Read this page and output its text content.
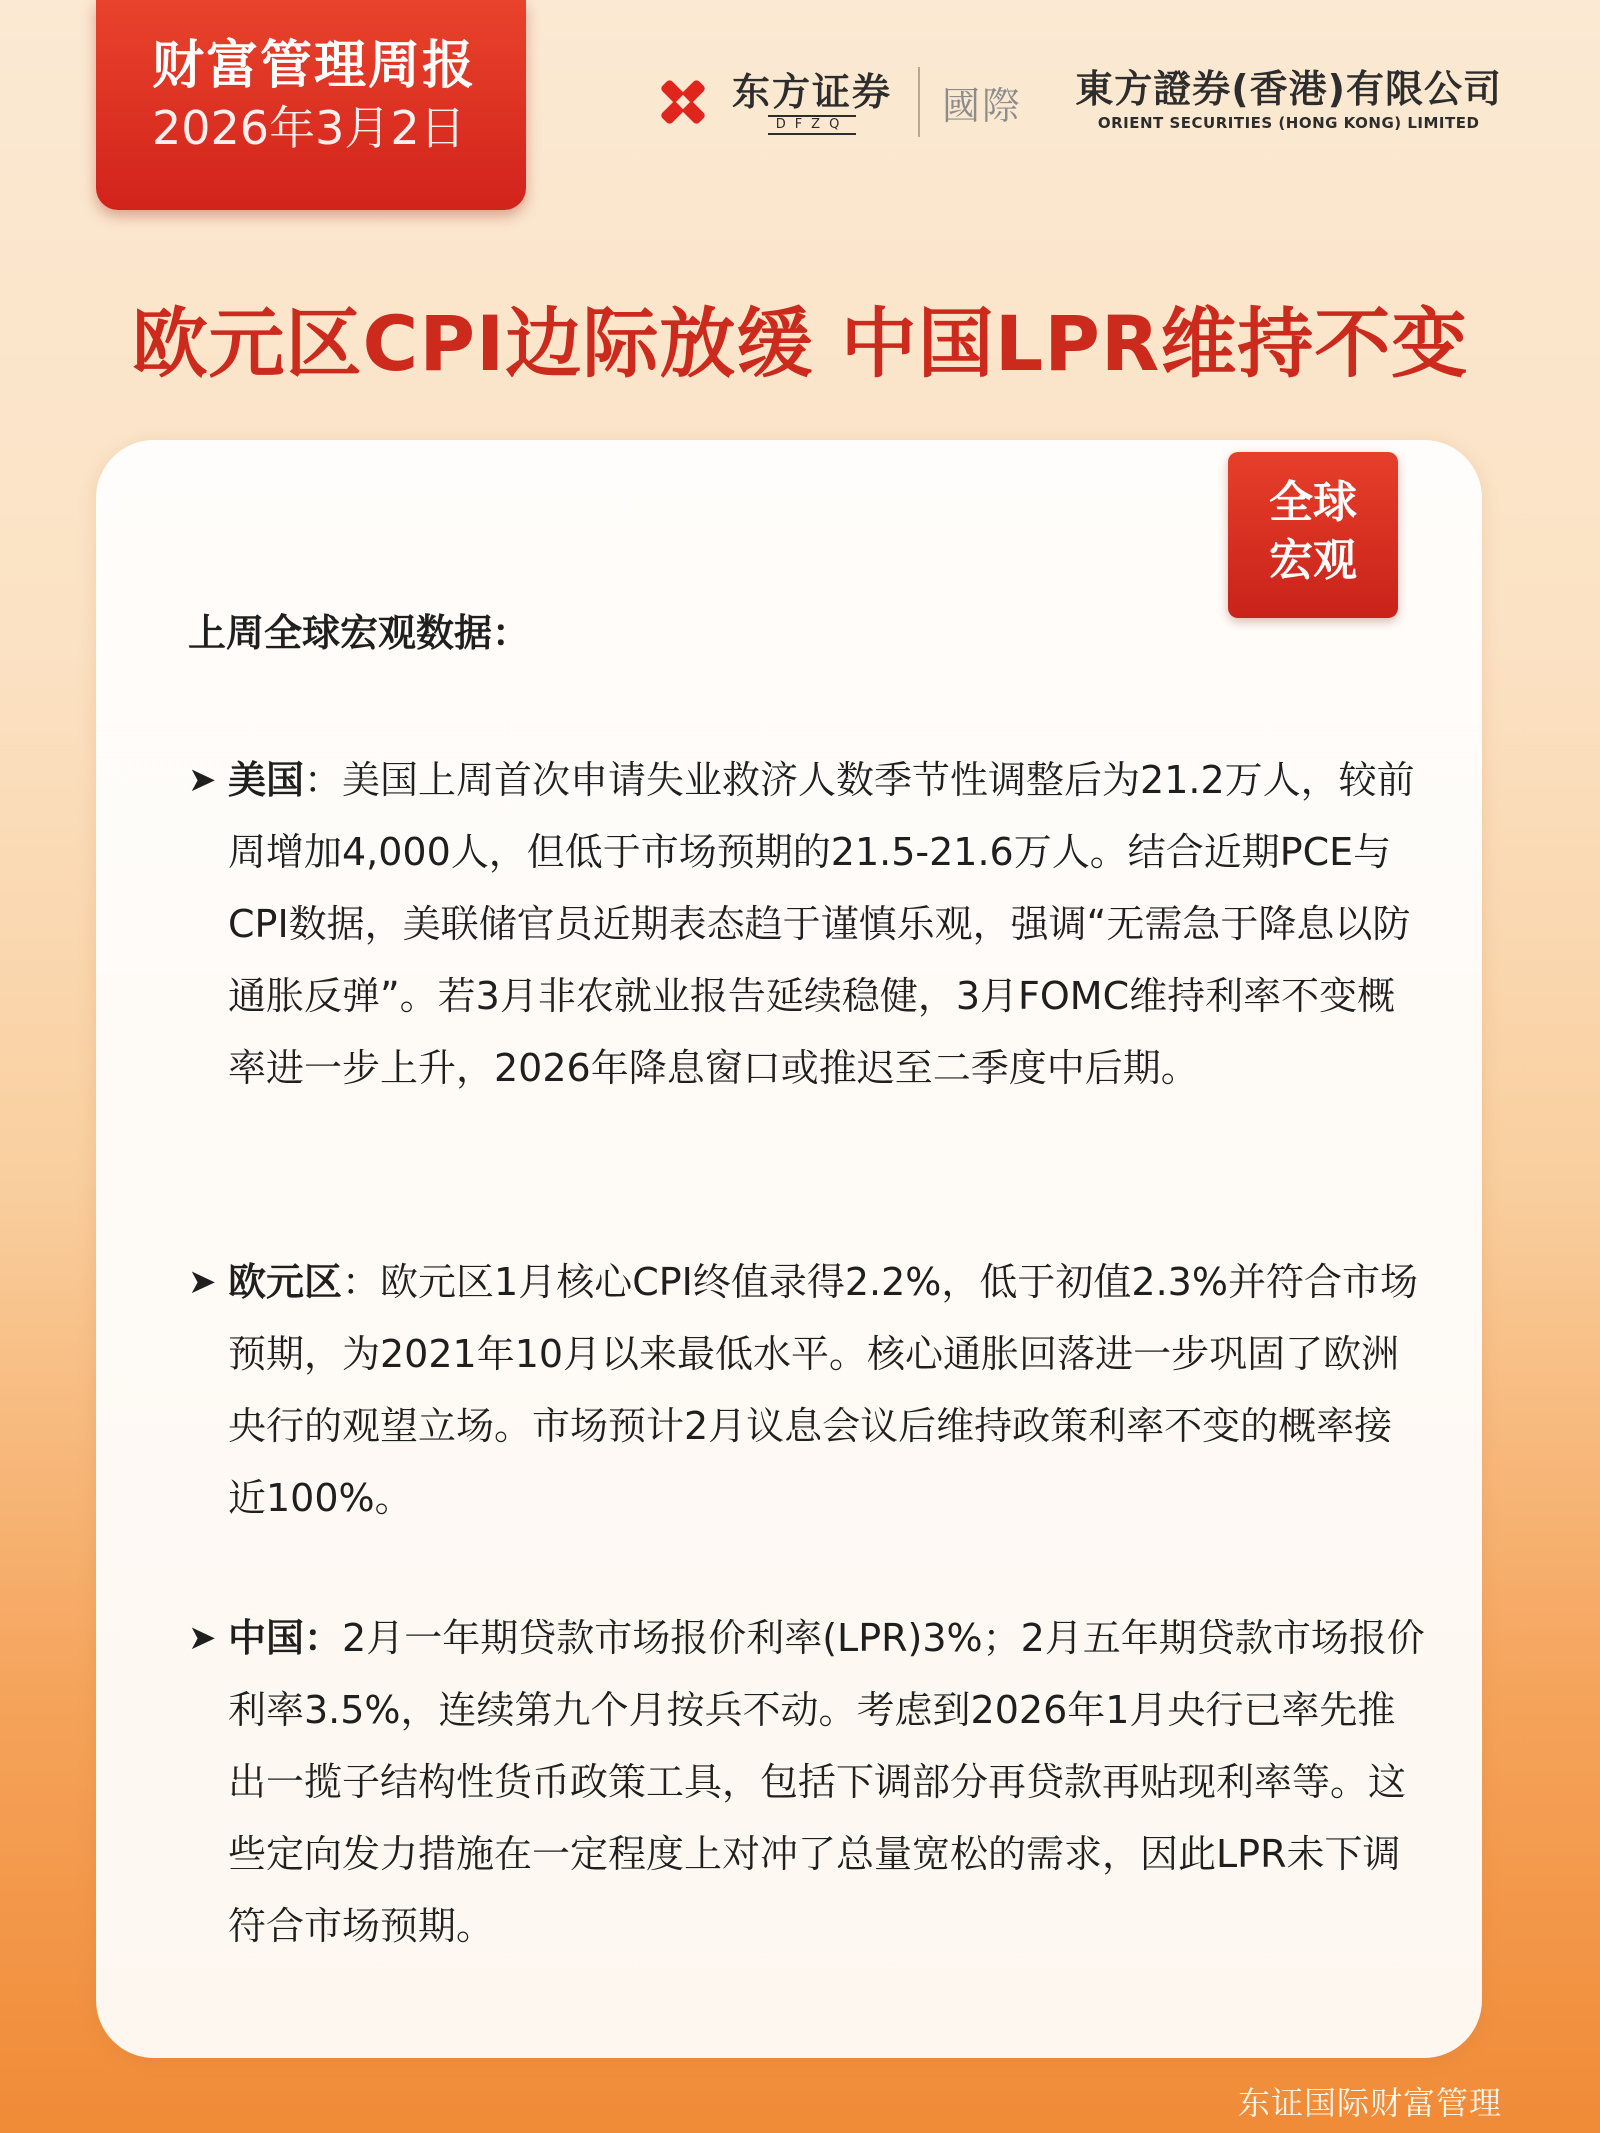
财富管理周报
2026年3月2日
东方证券
DFZQ 國際 東方證券(香港)有限公司
ORIENT SECURITIES (HONG KONG) LIMITED
欧元区CPI边际放缓 中国LPR维持不变
全球
宏观
上周全球宏观数据：
➤ 美国：美国上周首次申请失业救济人数季节性调整后为21.2万人，较前周增加4,000人，但低于市场预期的21.5-21.6万人。结合近期PCE与CPI数据，美联储官员近期表态趋于谨慎乐观，强调“无需急于降息以防通胀反弹”。若3月非农就业报告延续稳健，3月FOMC维持利率不变概率进一步上升，2026年降息窗口或推迟至二季度中后期。
➤ 欧元区：欧元区1月核心CPI终值录得2.2%，低于初值2.3%并符合市场预期，为2021年10月以来最低水平。核心通胀回落进一步巩固了欧洲央行的观望立场。市场预计2月议息会议后维持政策利率不变的概率接近100%。
➤ 中国：2月一年期贷款市场报价利率(LPR)3%；2月五年期贷款市场报价利率3.5%，连续第九个月按兵不动。考虑到2026年1月央行已率先推出一揽子结构性货币政策工具，包括下调部分再贷款再贴现利率等。这些定向发力措施在一定程度上对冲了总量宽松的需求，因此LPR未下调符合市场预期。
东证国际财富管理
